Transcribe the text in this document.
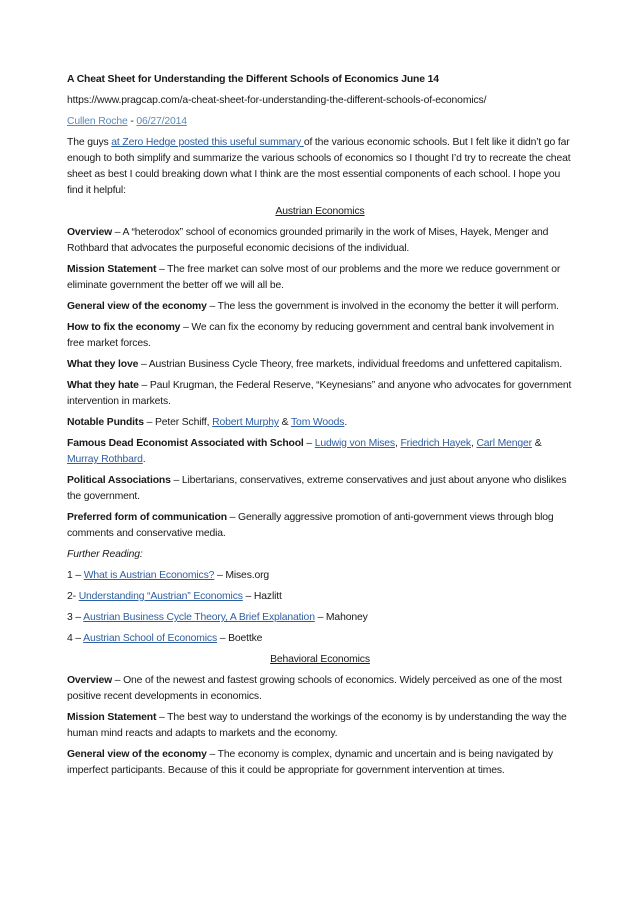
A Cheat Sheet for Understanding the Different Schools of Economics June 14

https://www.pragcap.com/a-cheat-sheet-for-understanding-the-different-schools-of-economics/

Cullen Roche - 06/27/2014

The guys at Zero Hedge posted this useful summary of the various economic schools. But I felt like it didn’t go far enough to both simplify and summarize the various schools of economics so I thought I’d try to recreate the cheat sheet as best I could breaking down what I think are the most essential components of each school. I hope you find it helpful:

Austrian Economics

Overview – A “heterodox” school of economics grounded primarily in the work of Mises, Hayek, Menger and Rothbard that advocates the purposeful economic decisions of the individual.

Mission Statement – The free market can solve most of our problems and the more we reduce government or eliminate government the better off we will all be.

General view of the economy – The less the government is involved in the economy the better it will perform.

How to fix the economy – We can fix the economy by reducing government and central bank involvement in free market forces.

What they love – Austrian Business Cycle Theory, free markets, individual freedoms and unfettered capitalism.

What they hate – Paul Krugman, the Federal Reserve, “Keynesians” and anyone who advocates for government intervention in markets.

Notable Pundits – Peter Schiff, Robert Murphy & Tom Woods.

Famous Dead Economist Associated with School – Ludwig von Mises, Friedrich Hayek, Carl Menger & Murray Rothbard.

Political Associations – Libertarians, conservatives, extreme conservatives and just about anyone who dislikes the government.

Preferred form of communication – Generally aggressive promotion of anti-government views through blog comments and conservative media.

Further Reading:

1 – What is Austrian Economics? – Mises.org

2- Understanding “Austrian” Economics – Hazlitt

3 – Austrian Business Cycle Theory, A Brief Explanation – Mahoney

4 – Austrian School of Economics – Boettke

Behavioral Economics

Overview – One of the newest and fastest growing schools of economics. Widely perceived as one of the most positive recent developments in economics.

Mission Statement – The best way to understand the workings of the economy is by understanding the way the human mind reacts and adapts to markets and the economy.

General view of the economy – The economy is complex, dynamic and uncertain and is being navigated by imperfect participants. Because of this it could be appropriate for government intervention at times.
